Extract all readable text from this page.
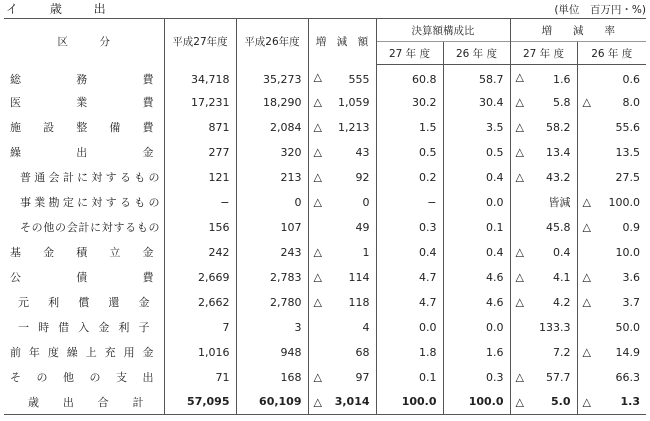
イ 歳 出	(単位　百万円・%)
区　　　分	平成27年度	平成26年度	増　減　額	決算額構成比		増　　減　　率	
				27 年 度	26 年 度	27 年 度	26 年 度
総務費	34,718	35,273	△ 555	60.8	58.7	△ 1.6	0.6
医業費	17,231	18,290	△ 1,059	30.2	30.4	△ 5.8	△ 8.0
施設整備費	871	2,084	△ 1,213	1.5	3.5	△ 58.2	55.6
繰出金	277	320	△ 43	0.5	0.5	△ 13.4	13.5
普通会計に対するもの	121	213	△ 92	0.2	0.4	△ 43.2	27.5
事業勘定に対するもの	−	0	△ 0	−	0.0	皆減	△ 100.0
その他の会計に対するもの	156	107	49	0.3	0.1	45.8	△ 0.9
基金積立金	242	243	△ 1	0.4	0.4	△ 0.4	10.0
公債費	2,669	2,783	△ 114	4.7	4.6	△ 4.1	△ 3.6
元利償還金	2,662	2,780	△ 118	4.7	4.6	△ 4.2	△ 3.7
一時借入金利子	7	3	4	0.0	0.0	133.3	50.0
前年度繰上充用金	1,016	948	68	1.8	1.6	7.2	△ 14.9
その他の支出	71	168	△ 97	0.1	0.3	△ 57.7	66.3
歳出合計	57,095	60,109	△ 3,014	100.0	100.0	△ 5.0	△ 1.3
